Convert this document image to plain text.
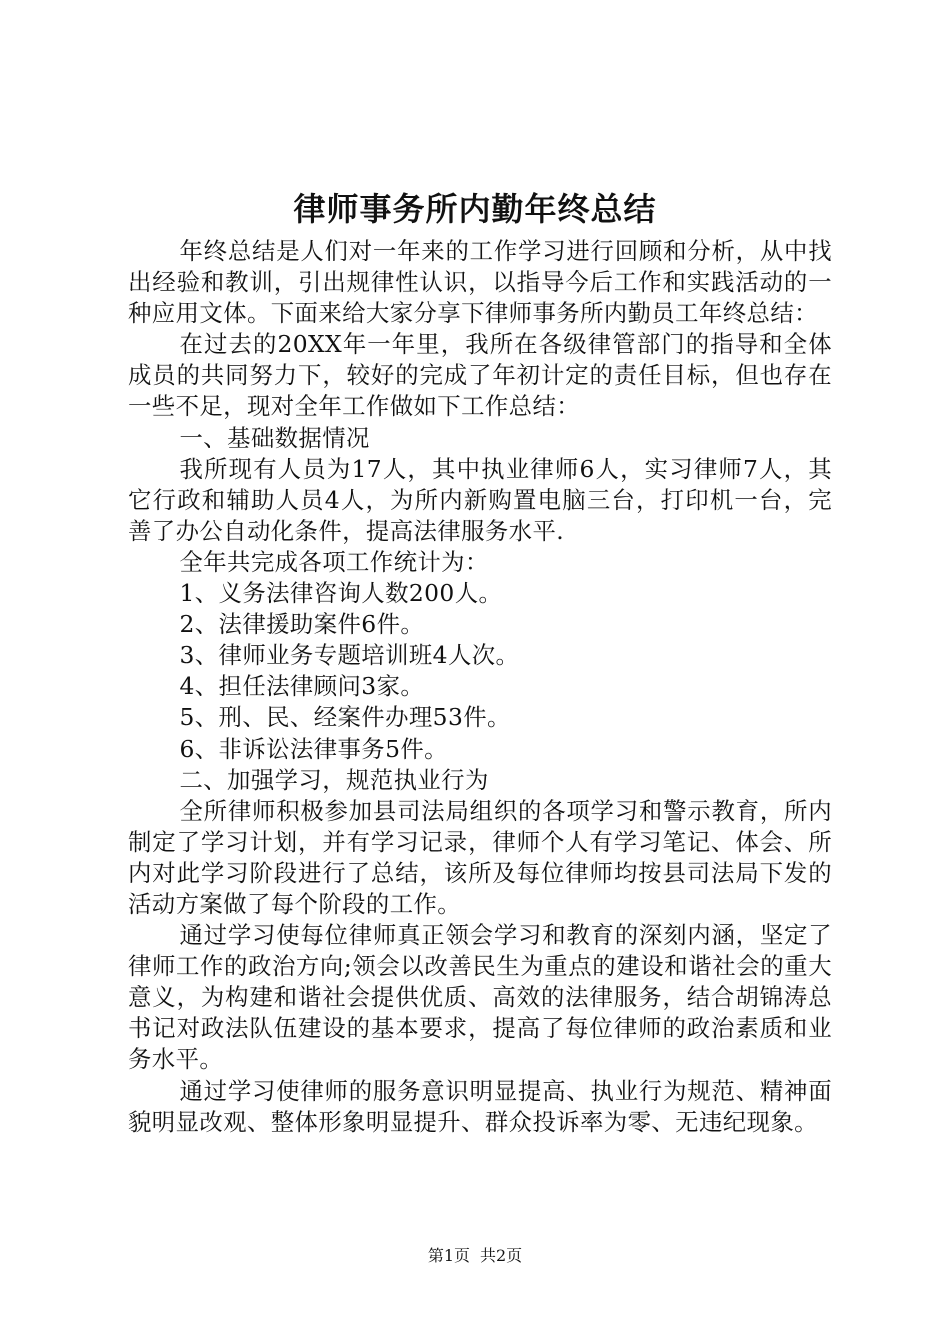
律师事务所内勤年终总结

年终总结是人们对一年来的工作学习进行回顾和分析，从中找出经验和教训，引出规律性认识，以指导今后工作和实践活动的一种应用文体。下面来给大家分享下律师事务所内勤员工年终总结：

在过去的20XX年一年里，我所在各级律管部门的指导和全体成员的共同努力下，较好的完成了年初计定的责任目标，但也存在一些不足，现对全年工作做如下工作总结：

一、基础数据情况

我所现有人员为17人，其中执业律师6人，实习律师7人，其它行政和辅助人员4人，为所内新购置电脑三台，打印机一台，完善了办公自动化条件，提高法律服务水平.

全年共完成各项工作统计为：

1、义务法律咨询人数200人。

2、法律援助案件6件。

3、律师业务专题培训班4人次。

4、担任法律顾问3家。

5、刑、民、经案件办理53件。

6、非诉讼法律事务5件。

二、加强学习，规范执业行为

全所律师积极参加县司法局组织的各项学习和警示教育，所内制定了学习计划，并有学习记录，律师个人有学习笔记、体会、所内对此学习阶段进行了总结，该所及每位律师均按县司法局下发的活动方案做了每个阶段的工作。

通过学习使每位律师真正领会学习和教育的深刻内涵，坚定了律师工作的政治方向;领会以改善民生为重点的建设和谐社会的重大意义，为构建和谐社会提供优质、高效的法律服务，结合胡锦涛总书记对政法队伍建设的基本要求，提高了每位律师的政治素质和业务水平。

通过学习使律师的服务意识明显提高、执业行为规范、精神面貌明显改观、整体形象明显提升、群众投诉率为零、无违纪现象。

第1页 共2页
